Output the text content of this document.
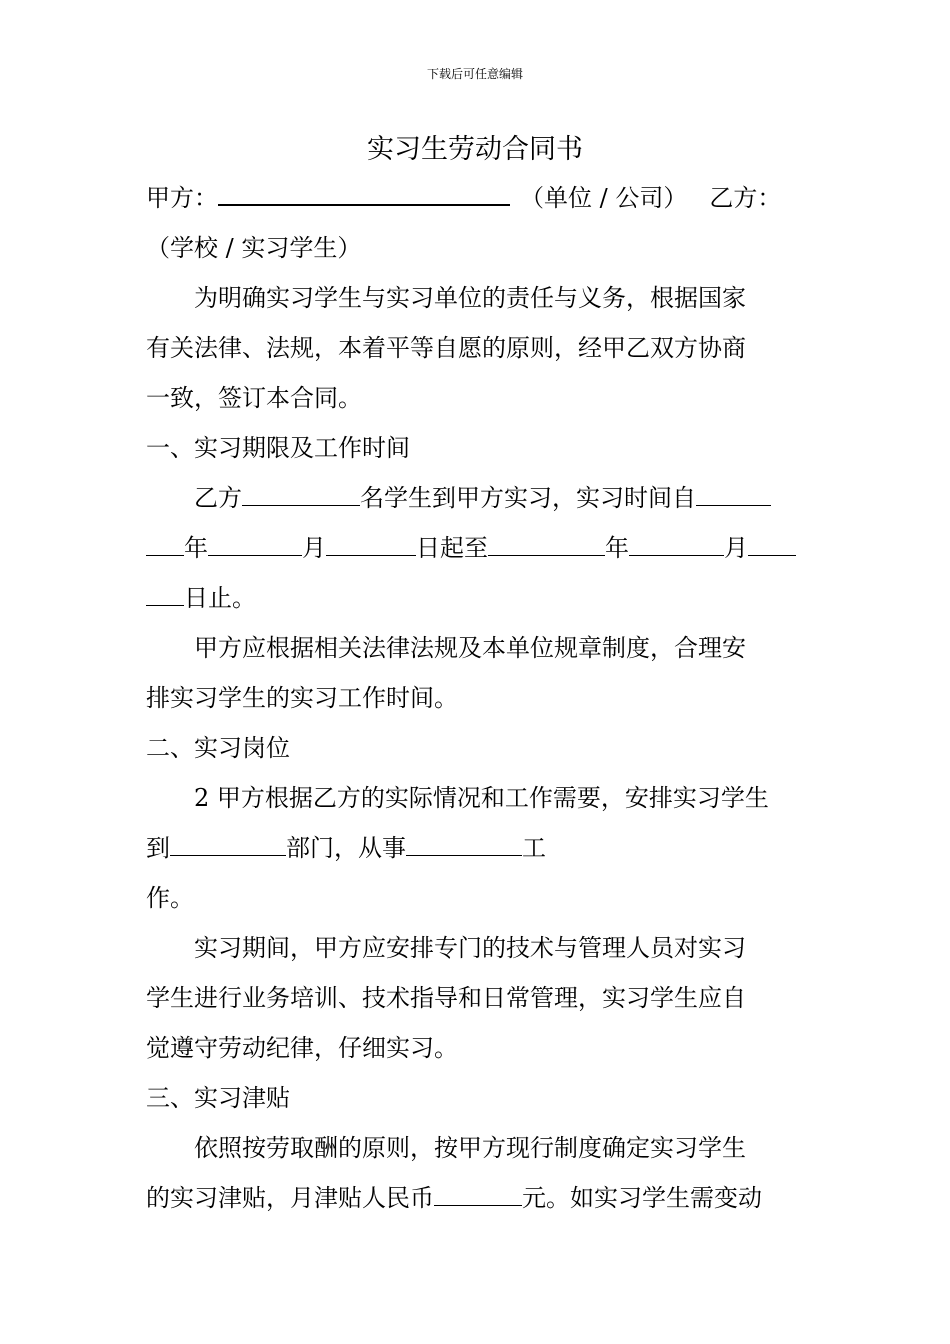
下载后可任意编辑
实习生劳动合同书
甲方：	（单位 / 公司） 乙方：
（学校 / 实习学生）
为明确实习学生与实习单位的责任与义务，根据国家
有关法律、法规，本着平等自愿的原则，经甲乙双方协商
一致，签订本合同。
一、实习期限及工作时间
乙方	名学生到甲方实习，实习时间自
年	月	日起至	年	月
日止。
甲方应根据相关法律法规及本单位规章制度，合理安
排实习学生的实习工作时间。
二、实习岗位
2 甲方根据乙方的实际情况和工作需要，安排实习学生
到	部门，从事	工
作。
实习期间，甲方应安排专门的技术与管理人员对实习
学生进行业务培训、技术指导和日常管理，实习学生应自
觉遵守劳动纪律，仔细实习。
三、实习津贴
依照按劳取酬的原则，按甲方现行制度确定实习学生
的实习津贴，月津贴人民币	元。如实习学生需变动
